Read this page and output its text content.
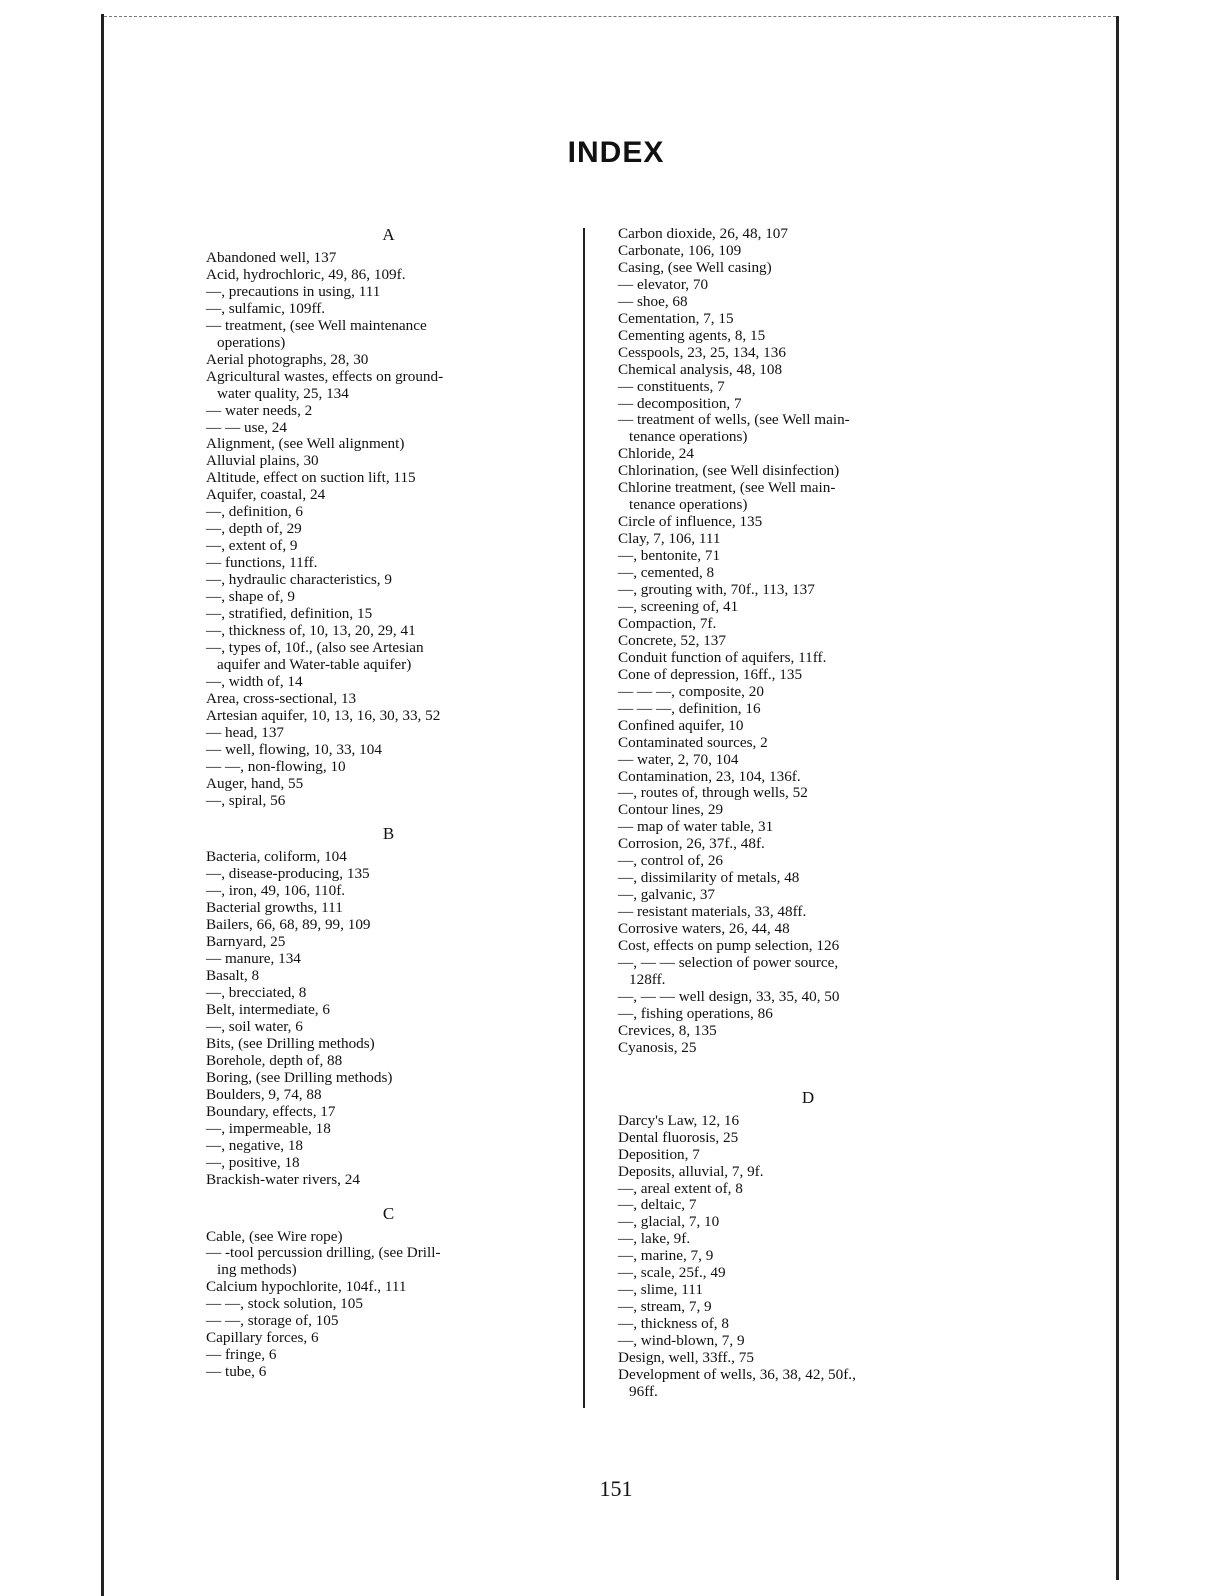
INDEX
A
Abandoned well, 137
Acid, hydrochloric, 49, 86, 109f.
—, precautions in using, 111
—, sulfamic, 109ff.
— treatment, (see Well maintenance
operations)
Aerial photographs, 28, 30
Agricultural wastes, effects on ground-
water quality, 25, 134
— water needs, 2
— — use, 24
Alignment, (see Well alignment)
Alluvial plains, 30
Altitude, effect on suction lift, 115
Aquifer, coastal, 24
—, definition, 6
—, depth of, 29
—, extent of, 9
— functions, 11ff.
—, hydraulic characteristics, 9
—, shape of, 9
—, stratified, definition, 15
—, thickness of, 10, 13, 20, 29, 41
—, types of, 10f., (also see Artesian
aquifer and Water-table aquifer)
—, width of, 14
Area, cross-sectional, 13
Artesian aquifer, 10, 13, 16, 30, 33, 52
— head, 137
— well, flowing, 10, 33, 104
— —, non-flowing, 10
Auger, hand, 55
—, spiral, 56
B
Bacteria, coliform, 104
—, disease-producing, 135
—, iron, 49, 106, 110f.
Bacterial growths, 111
Bailers, 66, 68, 89, 99, 109
Barnyard, 25
— manure, 134
Basalt, 8
—, brecciated, 8
Belt, intermediate, 6
—, soil water, 6
Bits, (see Drilling methods)
Borehole, depth of, 88
Boring, (see Drilling methods)
Boulders, 9, 74, 88
Boundary, effects, 17
—, impermeable, 18
—, negative, 18
—, positive, 18
Brackish-water rivers, 24
C
Cable, (see Wire rope)
— -tool percussion drilling, (see Drill-
ing methods)
Calcium hypochlorite, 104f., 111
— —, stock solution, 105
— —, storage of, 105
Capillary forces, 6
— fringe, 6
— tube, 6
Carbon dioxide, 26, 48, 107
Carbonate, 106, 109
Casing, (see Well casing)
— elevator, 70
— shoe, 68
Cementation, 7, 15
Cementing agents, 8, 15
Cesspools, 23, 25, 134, 136
Chemical analysis, 48, 108
— constituents, 7
— decomposition, 7
— treatment of wells, (see Well main-
tenance operations)
Chloride, 24
Chlorination, (see Well disinfection)
Chlorine treatment, (see Well main-
tenance operations)
Circle of influence, 135
Clay, 7, 106, 111
—, bentonite, 71
—, cemented, 8
—, grouting with, 70f., 113, 137
—, screening of, 41
Compaction, 7f.
Concrete, 52, 137
Conduit function of aquifers, 11ff.
Cone of depression, 16ff., 135
— — —, composite, 20
— — —, definition, 16
Confined aquifer, 10
Contaminated sources, 2
— water, 2, 70, 104
Contamination, 23, 104, 136f.
—, routes of, through wells, 52
Contour lines, 29
— map of water table, 31
Corrosion, 26, 37f., 48f.
—, control of, 26
—, dissimilarity of metals, 48
—, galvanic, 37
— resistant materials, 33, 48ff.
Corrosive waters, 26, 44, 48
Cost, effects on pump selection, 126
—, — — selection of power source,
128ff.
—, — — well design, 33, 35, 40, 50
—, fishing operations, 86
Crevices, 8, 135
Cyanosis, 25
D
Darcy's Law, 12, 16
Dental fluorosis, 25
Deposition, 7
Deposits, alluvial, 7, 9f.
—, areal extent of, 8
—, deltaic, 7
—, glacial, 7, 10
—, lake, 9f.
—, marine, 7, 9
—, scale, 25f., 49
—, slime, 111
—, stream, 7, 9
—, thickness of, 8
—, wind-blown, 7, 9
Design, well, 33ff., 75
Development of wells, 36, 38, 42, 50f.,
96ff.
151
